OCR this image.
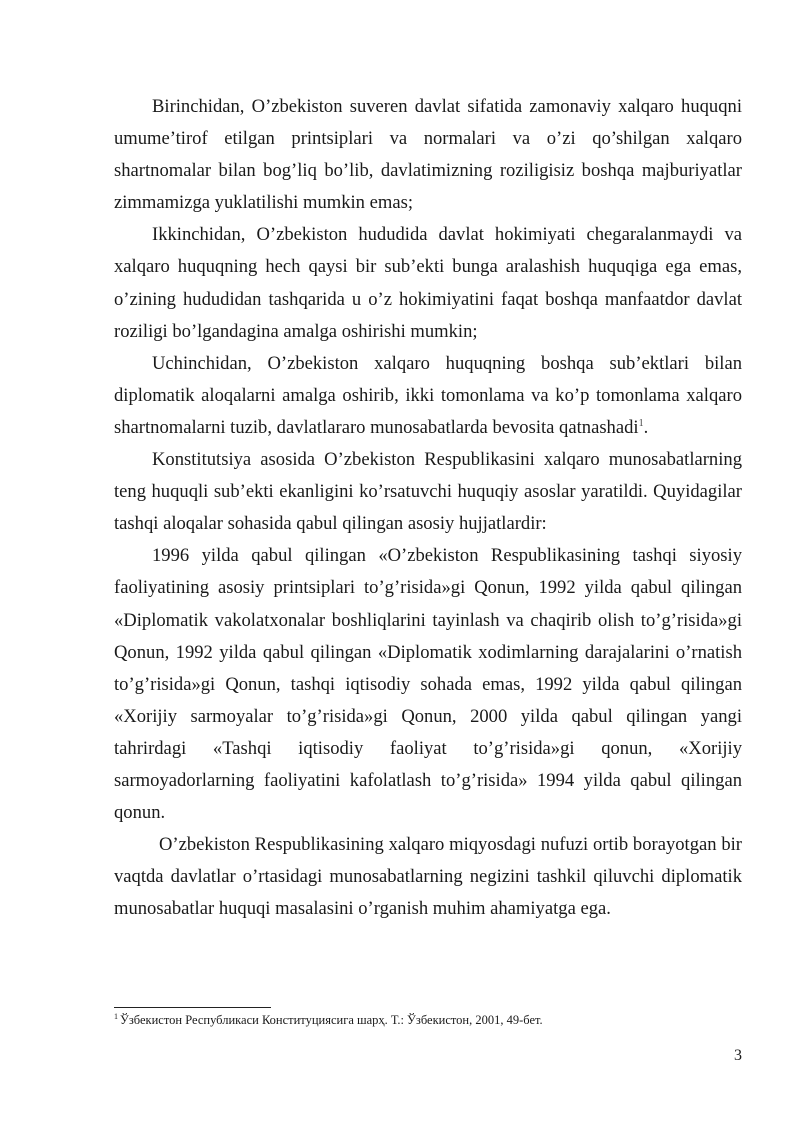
Birinchidan, O’zbekiston suveren davlat sifatida zamonaviy xalqaro huquqni umume’tirof etilgan printsiplari va normalari va o’zi qo’shilgan xalqaro shartnomalar bilan bog’liq bo’lib, davlatimizning roziligisiz boshqa majburiyatlar zimmamizga yuklatilishi mumkin emas;

Ikkinchidan, O’zbekiston hududida davlat hokimiyati chegaralanmaydi va xalqaro huquqning hech qaysi bir sub’ekti bunga aralashish huquqiga ega emas, o’zining hududidan tashqarida u o’z hokimiyatini faqat boshqa manfaatdor davlat roziligi bo’lgandagina amalga oshirishi mumkin;

Uchinchidan, O’zbekiston xalqaro huquqning boshqa sub’ektlari bilan diplomatik aloqalarni amalga oshirib, ikki tomonlama va ko’p tomonlama xalqaro shartnomalarni tuzib, davlatlararo munosabatlarda bevosita qatnashadi$^1$.

Konstitutsiya asosida O’zbekiston Respublikasini xalqaro munosabatlarning teng huquqli sub’ekti ekanligini ko’rsatuvchi huquqiy asoslar yaratildi. Quyidagilar tashqi aloqalar sohasida qabul qilingan asosiy hujjatlardir:

1996 yilda qabul qilingan «O’zbekiston Respublikasining tashqi siyosiy faoliyatining asosiy printsiplari to’g’risida»gi Qonun, 1992 yilda qabul qilingan «Diplomatik vakolatxonalar boshliqlarini tayinlash va chaqirib olish to’g’risida»gi Qonun, 1992 yilda qabul qilingan «Diplomatik xodimlarning darajalarini o’rnatish to’g’risida»gi Qonun, tashqi iqtisodiy sohada emas, 1992 yilda qabul qilingan «Xorijiy sarmoyalar to’g’risida»gi Qonun, 2000 yilda qabul qilingan yangi tahrirdagi «Tashqi iqtisodiy faoliyat to’g’risida»gi qonun, «Xorijiy sarmoyadorlarning faoliyatini kafolatlash to’g’risida» 1994 yilda qabul qilingan qonun.

O’zbekiston Respublikasining xalqaro miqyosdagi nufuzi ortib borayotgan bir vaqtda davlatlar o’rtasidagi munosabatlarning negizini tashkil qiluvchi diplomatik munosabatlar huquqi masalasini o’rganish muhim ahamiyatga ega.

$^1$ Ўзбекистон Республикаси Конституциясига шарҳ. Т.: Ўзбекистон, 2001, 49-бет.
3
